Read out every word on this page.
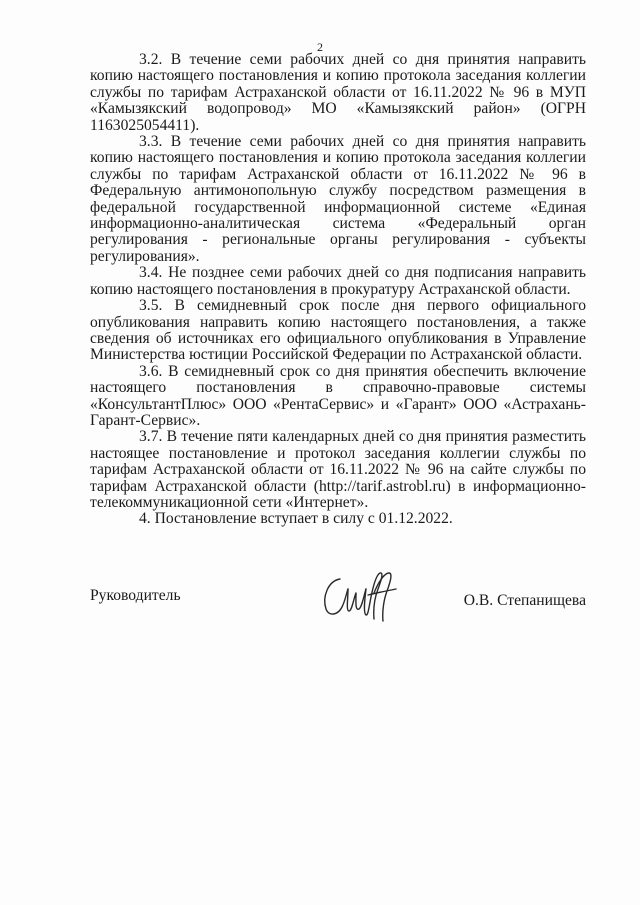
2

3.2. В течение семи рабочих дней со дня принятия направить копию настоящего постановления и копию протокола заседания коллегии службы по тарифам Астраханской области от 16.11.2022 № 96 в МУП «Камызякский водопровод» МО «Камызякский район» (ОГРН 1163025054411).

3.3. В течение семи рабочих дней со дня принятия направить копию настоящего постановления и копию протокола заседания коллегии службы по тарифам Астраханской области от 16.11.2022 № 96 в Федеральную антимонопольную службу посредством размещения в федеральной государственной информационной системе «Единая информационно-аналитическая система «Федеральный орган регулирования - региональные органы регулирования - субъекты регулирования».

3.4. Не позднее семи рабочих дней со дня подписания направить копию настоящего постановления в прокуратуру Астраханской области.

3.5. В семидневный срок после дня первого официального опубликования направить копию настоящего постановления, а также сведения об источниках его официального опубликования в Управление Министерства юстиции Российской Федерации по Астраханской области.

3.6. В семидневный срок со дня принятия обеспечить включение настоящего постановления в справочно-правовые системы «КонсультантПлюс» ООО «РентаСервис» и «Гарант» ООО «Астрахань-Гарант-Сервис».

3.7. В течение пяти календарных дней со дня принятия разместить настоящее постановление и протокол заседания коллегии службы по тарифам Астраханской области от 16.11.2022 № 96 на сайте службы по тарифам Астраханской области (http://tarif.astrobl.ru) в информационно-телекоммуникационной сети «Интернет».

4. Постановление вступает в силу с 01.12.2022.

Руководитель	О.В. Степанищева
